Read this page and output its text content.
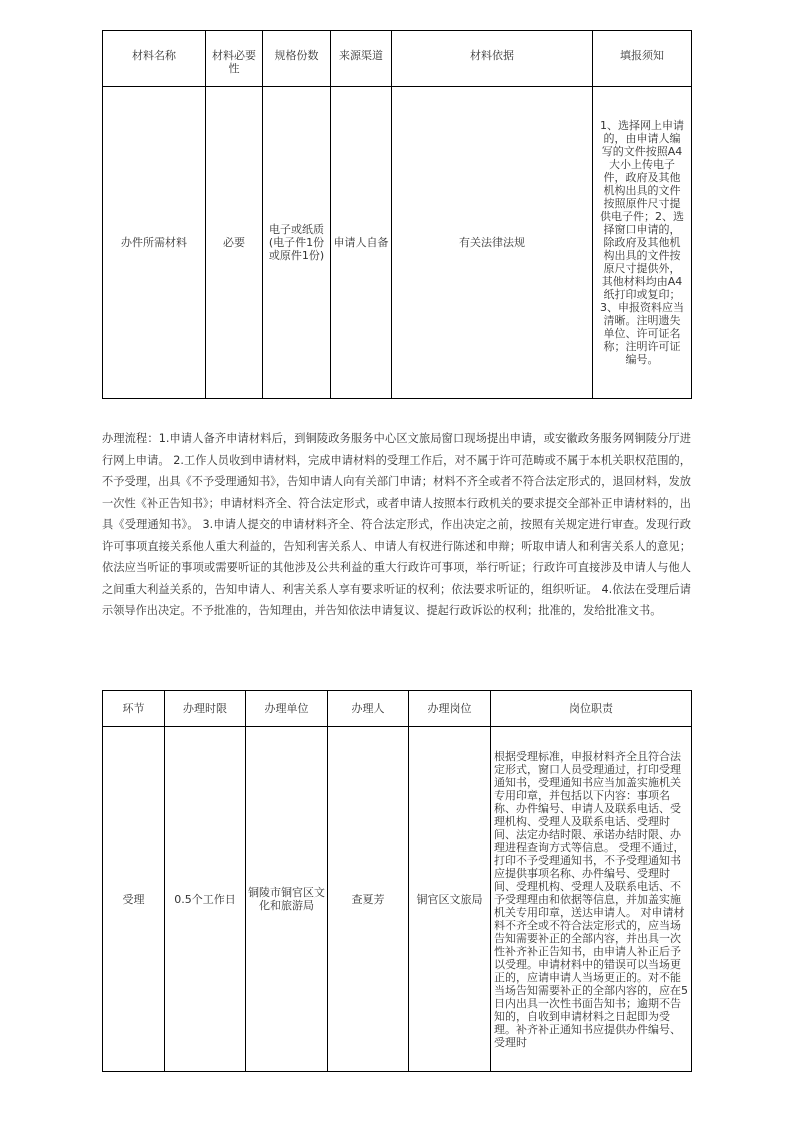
材料名称	材料必要性	规格份数	来源渠道	材料依据	填报须知
办件所需材料	必要	电子或纸质(电子件1份或原件1份)	申请人自备	有关法律法规	1、选择网上申请的，由申请人编写的文件按照A4大小上传电子件，政府及其他机构出具的文件按照原件尺寸提供电子件；2、选择窗口申请的，除政府及其他机构出具的文件按原尺寸提供外，其他材料均由A4纸打印或复印；3、申报资料应当清晰。注明遗失单位、许可证名称；注明许可证编号。
办理流程：1.申请人备齐申请材料后，到铜陵政务服务中心区文旅局窗口现场提出申请，或安徽政务服务网铜陵分厅进行网上申请。 2.工作人员收到申请材料，完成申请材料的受理工作后，对不属于许可范畴或不属于本机关职权范围的，不予受理，出具《不予受理通知书》，告知申请人向有关部门申请；材料不齐全或者不符合法定形式的，退回材料，发放一次性《补正告知书》；申请材料齐全、符合法定形式，或者申请人按照本行政机关的要求提交全部补正申请材料的，出具《受理通知书》。 3.申请人提交的申请材料齐全、符合法定形式，作出决定之前，按照有关规定进行审查。发现行政许可事项直接关系他人重大利益的，告知利害关系人、申请人有权进行陈述和申辩；听取申请人和利害关系人的意见；依法应当听证的事项或需要听证的其他涉及公共利益的重大行政许可事项，举行听证；行政许可直接涉及申请人与他人之间重大利益关系的，告知申请人、利害关系人享有要求听证的权利；依法要求听证的，组织听证。 4.依法在受理后请示领导作出决定。不予批准的，告知理由，并告知依法申请复议、提起行政诉讼的权利；批准的，发给批准文书。
环节	办理时限	办理单位	办理人	办理岗位	岗位职责
受理	0.5个工作日	铜陵市铜官区文化和旅游局	查夏芳	铜官区文旅局	根据受理标准，申报材料齐全且符合法定形式，窗口人员受理通过，打印受理通知书，受理通知书应当加盖实施机关专用印章，并包括以下内容：事项名称、办件编号、申请人及联系电话、受理机构、受理人及联系电话、受理时间、法定办结时限、承诺办结时限、办理进程查询方式等信息。 受理不通过，打印不予受理通知书，不予受理通知书应提供事项名称、办件编号、受理时间、受理机构、受理人及联系电话、不予受理理由和依据等信息，并加盖实施机关专用印章，送达申请人。 对申请材料不齐全或不符合法定形式的，应当场告知需要补正的全部内容，并出具一次性补齐补正告知书，由申请人补正后予以受理。申请材料中的错误可以当场更正的，应请申请人当场更正的。对不能当场告知需要补正的全部内容的，应在5日内出具一次性书面告知书；逾期不告知的，自收到申请材料之日起即为受理。补齐补正通知书应提供办件编号、受理时
